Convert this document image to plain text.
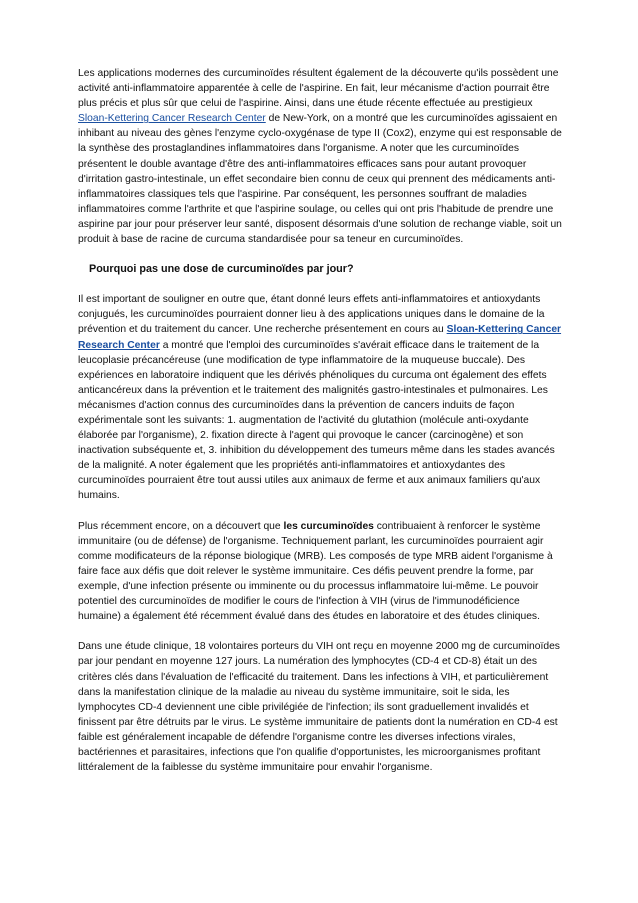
Les applications modernes des curcuminoïdes résultent également de la découverte qu'ils possèdent une activité anti-inflammatoire apparentée à celle de l'aspirine. En fait, leur mécanisme d'action pourrait être plus précis et plus sûr que celui de l'aspirine. Ainsi, dans une étude récente effectuée au prestigieux Sloan-Kettering Cancer Research Center de New-York, on a montré que les curcuminoïdes agissaient en inhibant au niveau des gènes l'enzyme cyclo-oxygénase de type II (Cox2), enzyme qui est responsable de la synthèse des prostaglandines inflammatoires dans l'organisme. A noter que les curcuminoïdes présentent le double avantage d'être des anti-inflammatoires efficaces sans pour autant provoquer d'irritation gastro-intestinale, un effet secondaire bien connu de ceux qui prennent des médicaments anti-inflammatoires classiques tels que l'aspirine. Par conséquent, les personnes souffrant de maladies inflammatoires comme l'arthrite et que l'aspirine soulage, ou celles qui ont pris l'habitude de prendre une aspirine par jour pour préserver leur santé, disposent désormais d'une solution de rechange viable, soit un produit à base de racine de curcuma standardisée pour sa teneur en curcuminoïdes.

Pourquoi pas une dose de curcuminoïdes par jour?

Il est important de souligner en outre que, étant donné leurs effets anti-inflammatoires et antioxydants conjugués, les curcuminoïdes pourraient donner lieu à des applications uniques dans le domaine de la prévention et du traitement du cancer. Une recherche présentement en cours au Sloan-Kettering Cancer Research Center a montré que l'emploi des curcuminoïdes s'avérait efficace dans le traitement de la leucoplasie précancéreuse (une modification de type inflammatoire de la muqueuse buccale). Des expériences en laboratoire indiquent que les dérivés phénoliques du curcuma ont également des effets anticancéreux dans la prévention et le traitement des malignités gastro-intestinales et pulmonaires. Les mécanismes d'action connus des curcuminoïdes dans la prévention de cancers induits de façon expérimentale sont les suivants: 1. augmentation de l'activité du glutathion (molécule anti-oxydante élaborée par l'organisme), 2. fixation directe à l'agent qui provoque le cancer (carcinogène) et son inactivation subséquente et, 3. inhibition du développement des tumeurs même dans les stades avancés de la malignité. A noter également que les propriétés anti-inflammatoires et antioxydantes des curcuminoïdes pourraient être tout aussi utiles aux animaux de ferme et aux animaux familiers qu'aux humains.

Plus récemment encore, on a découvert que les curcuminoïdes contribuaient à renforcer le système immunitaire (ou de défense) de l'organisme. Techniquement parlant, les curcuminoïdes pourraient agir comme modificateurs de la réponse biologique (MRB). Les composés de type MRB aident l'organisme à faire face aux défis que doit relever le système immunitaire. Ces défis peuvent prendre la forme, par exemple, d'une infection présente ou imminente ou du processus inflammatoire lui-même. Le pouvoir potentiel des curcuminoïdes de modifier le cours de l'infection à VIH (virus de l'immunodéficience humaine) a également été récemment évalué dans des études en laboratoire et des études cliniques.

Dans une étude clinique, 18 volontaires porteurs du VIH ont reçu en moyenne 2000 mg de curcuminoïdes par jour pendant en moyenne 127 jours. La numération des lymphocytes (CD-4 et CD-8) était un des critères clés dans l'évaluation de l'efficacité du traitement. Dans les infections à VIH, et particulièrement dans la manifestation clinique de la maladie au niveau du système immunitaire, soit le sida, les lymphocytes CD-4 deviennent une cible privilégiée de l'infection; ils sont graduellement invalidés et finissent par être détruits par le virus. Le système immunitaire de patients dont la numération en CD-4 est faible est généralement incapable de défendre l'organisme contre les diverses infections virales, bactériennes et parasitaires, infections que l'on qualifie d'opportunistes, les microorganismes profitant littéralement de la faiblesse du système immunitaire pour envahir l'organisme.
